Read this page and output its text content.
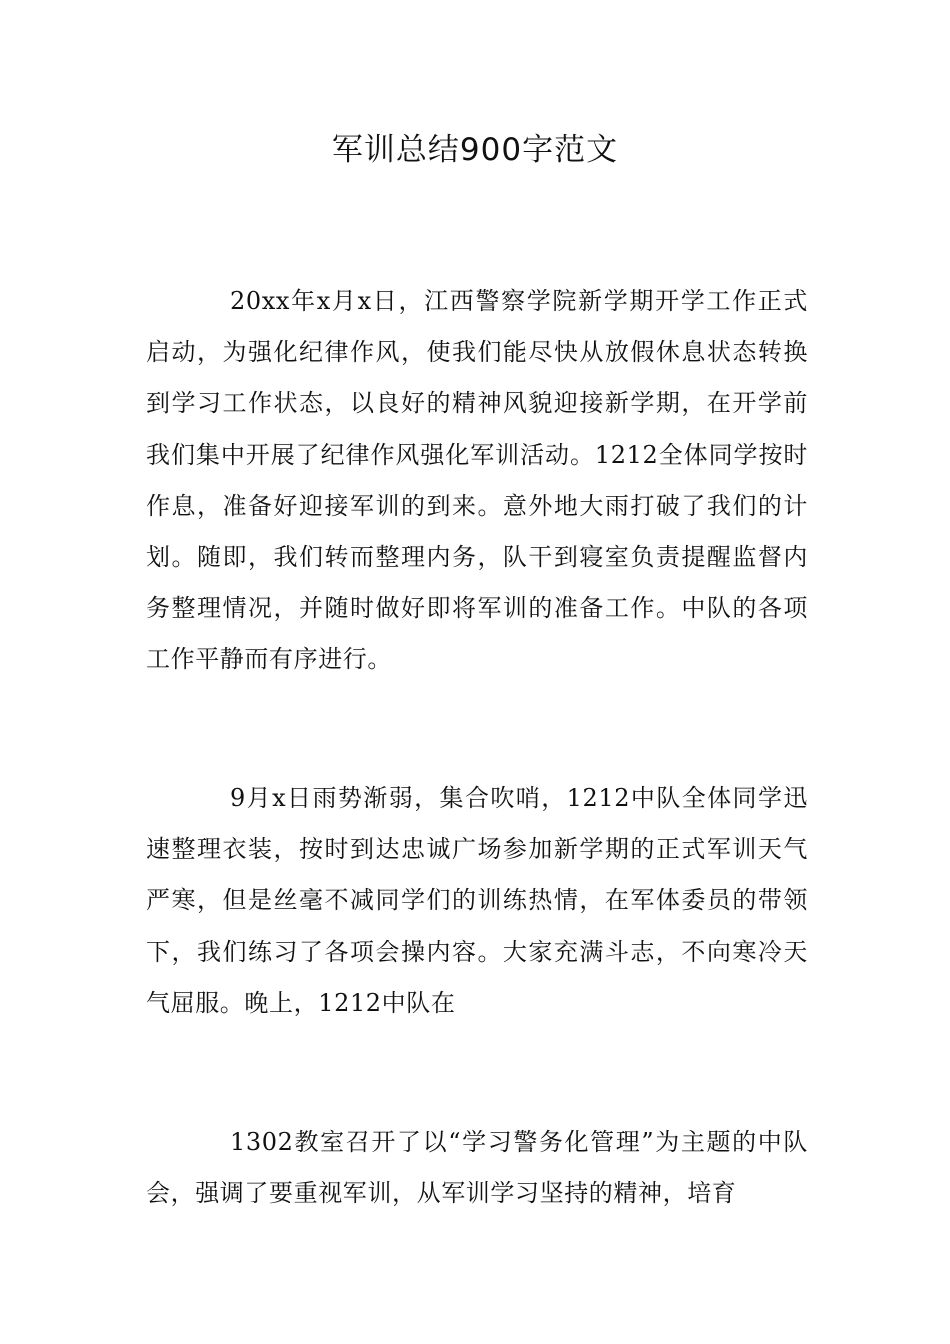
军训总结900字范文

20xx年x月x日，江西警察学院新学期开学工作正式启动，为强化纪律作风，使我们能尽快从放假休息状态转换到学习工作状态，以良好的精神风貌迎接新学期，在开学前我们集中开展了纪律作风强化军训活动。1212全体同学按时作息，准备好迎接军训的到来。意外地大雨打破了我们的计划。随即，我们转而整理内务，队干到寝室负责提醒监督内务整理情况，并随时做好即将军训的准备工作。中队的各项工作平静而有序进行。

9月x日雨势渐弱，集合吹哨，1212中队全体同学迅速整理衣装，按时到达忠诚广场参加新学期的正式军训天气严寒，但是丝毫不减同学们的训练热情，在军体委员的带领下，我们练习了各项会操内容。大家充满斗志，不向寒冷天气屈服。晚上，1212中队在

1302教室召开了以“学习警务化管理”为主题的中队会，强调了要重视军训，从军训学习坚持的精神，培育
